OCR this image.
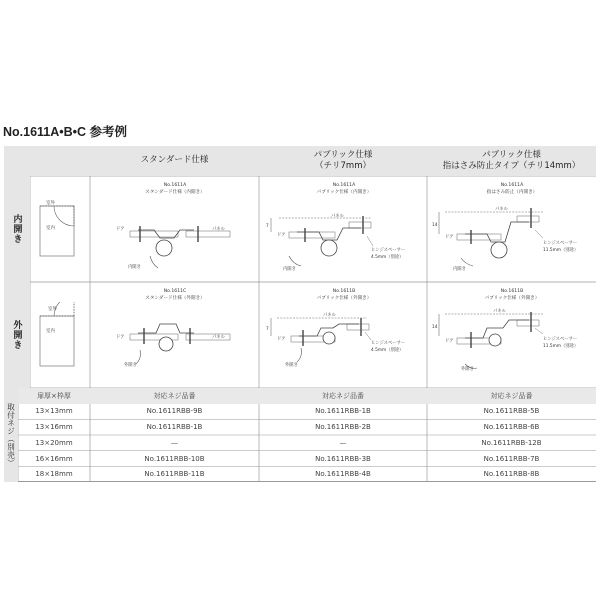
No.1611A•B•C 参考例
スタンダード仕様
パブリック仕様
（チリ7mm）
パブリック仕様
指はさみ防止タイプ（チリ14mm）
内開き
外開き
取付ネジ（別売）
室外
室内
室外
室内
No.1611A
スタンダード仕様（内開き）
ドア	パネル
内開き
No.1611A
パブリック仕様（内開き）
7
ドア
パネル
ヒンジスペーサー
4.5mm（別途）
内開き
No.1611A
指はさみ防止（内開き）
14
ドア
パネル
ヒンジスペーサー
11.5mm（別途）
内開き
No.1611C
スタンダード仕様（外開き）
ドア	パネル
外開き
No.1611B
パブリック仕様（外開き）
7
ドア
パネル
ヒンジスペーサー
4.5mm（別途）
外開き
No.1611B
パブリック仕様（外開き）
14
ドア
パネル
ヒンジスペーサー
11.5mm（別途）
外開き
扉厚×枠厚	対応ネジ品番	対応ネジ品番	対応ネジ品番
13×13mm	No.1611RBB-9B	No.1611RBB-1B	No.1611RBB-5B
13×16mm	No.1611RBB-1B	No.1611RBB-2B	No.1611RBB-6B
13×20mm	—	—	No.1611RBB-12B
16×16mm	No.1611RBB-10B	No.1611RBB-3B	No.1611RBB-7B
18×18mm	No.1611RBB-11B	No.1611RBB-4B	No.1611RBB-8B
